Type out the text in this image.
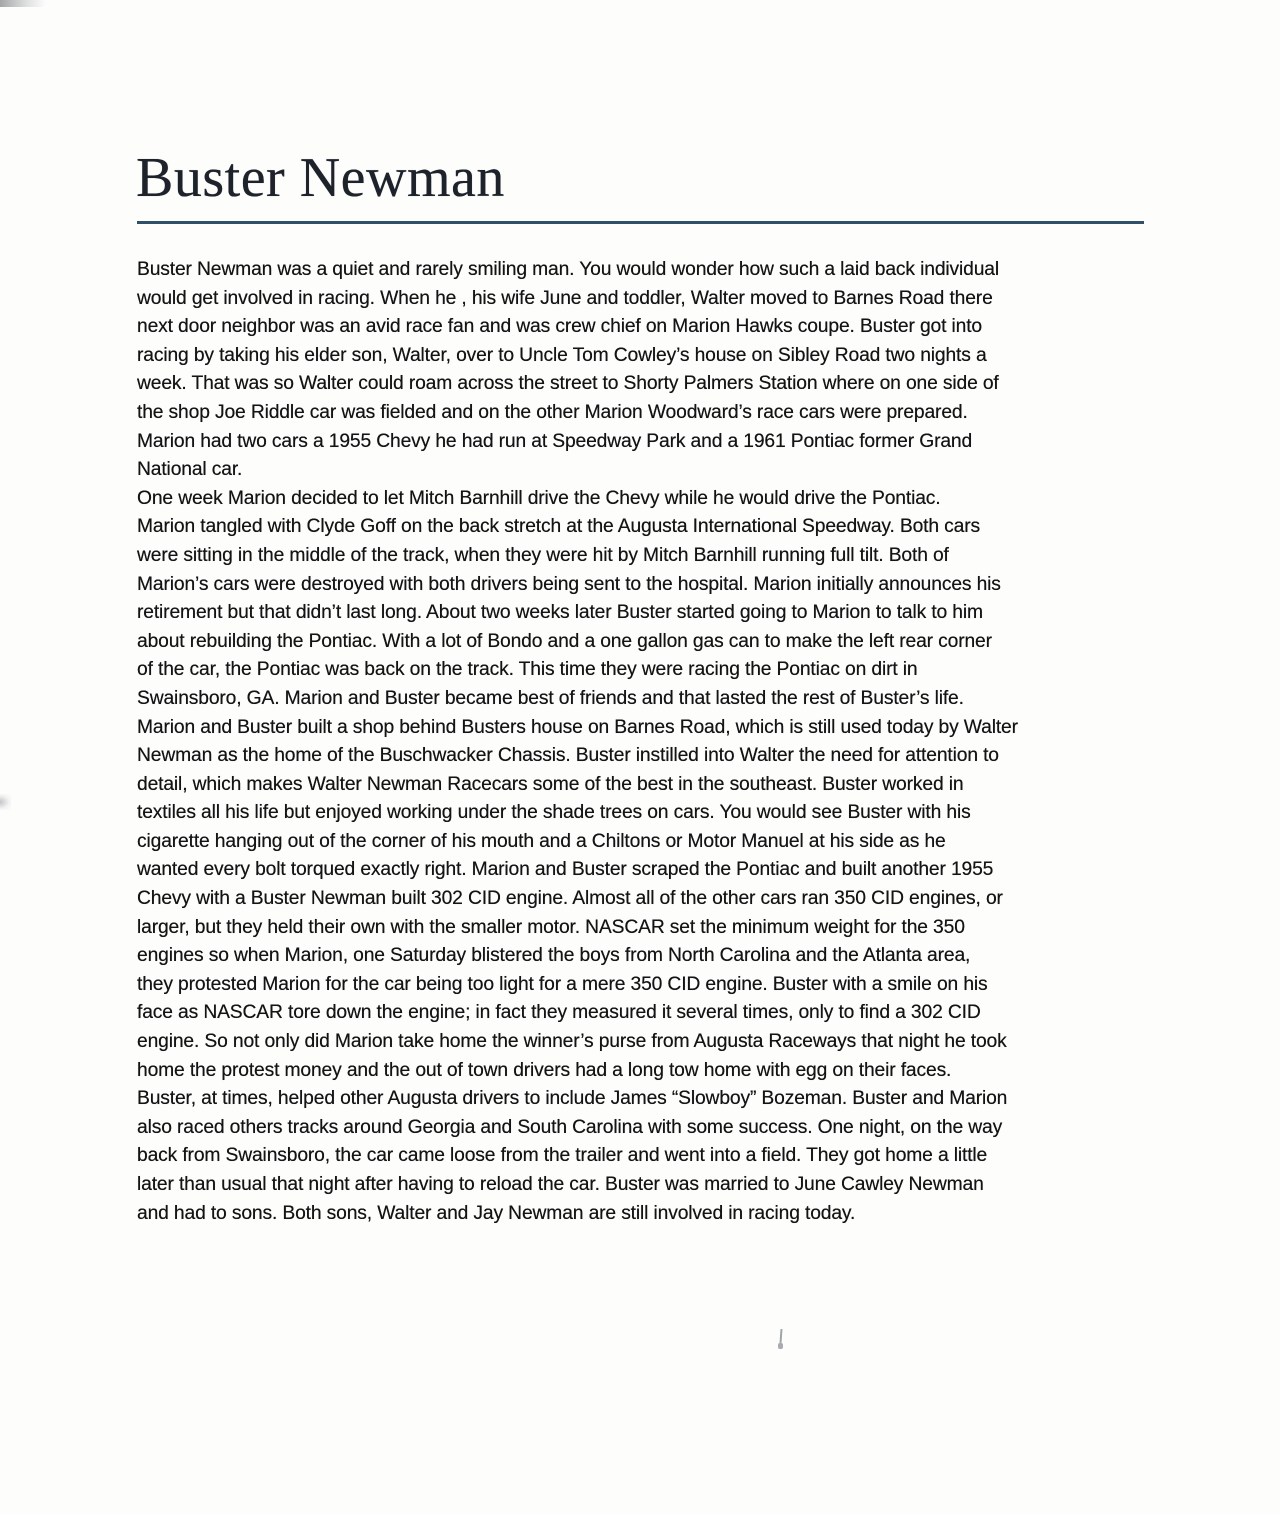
Buster Newman
Buster Newman was a quiet and rarely smiling man. You would wonder how such a laid back individual
would get involved in racing. When he , his wife June and toddler, Walter moved to Barnes Road there
next door neighbor was an avid race fan and was crew chief on Marion Hawks coupe. Buster got into
racing by taking his elder son, Walter, over to Uncle Tom Cowley’s house on Sibley Road two nights a
week. That was so Walter could roam across the street to Shorty Palmers Station where on one side of
the shop Joe Riddle car was fielded and on the other Marion Woodward’s race cars were prepared.
Marion had two cars a 1955 Chevy he had run at Speedway Park and a 1961 Pontiac former Grand
National car.
One week Marion decided to let Mitch Barnhill drive the Chevy while he would drive the Pontiac.
Marion tangled with Clyde Goff on the back stretch at the Augusta International Speedway. Both cars
were sitting in the middle of the track, when they were hit by Mitch Barnhill running full tilt. Both of
Marion’s cars were destroyed with both drivers being sent to the hospital. Marion initially announces his
retirement but that didn’t last long. About two weeks later Buster started going to Marion to talk to him
about rebuilding the Pontiac. With a lot of Bondo and a one gallon gas can to make the left rear corner
of the car, the Pontiac was back on the track. This time they were racing the Pontiac on dirt in
Swainsboro, GA. Marion and Buster became best of friends and that lasted the rest of Buster’s life.
Marion and Buster built a shop behind Busters house on Barnes Road, which is still used today by Walter
Newman as the home of the Buschwacker Chassis. Buster instilled into Walter the need for attention to
detail, which makes Walter Newman Racecars some of the best in the southeast. Buster worked in
textiles all his life but enjoyed working under the shade trees on cars. You would see Buster with his
cigarette hanging out of the corner of his mouth and a Chiltons or Motor Manuel at his side as he
wanted every bolt torqued exactly right. Marion and Buster scraped the Pontiac and built another 1955
Chevy with a Buster Newman built 302 CID engine. Almost all of the other cars ran 350 CID engines, or
larger, but they held their own with the smaller motor. NASCAR set the minimum weight for the 350
engines so when Marion, one Saturday blistered the boys from North Carolina and the Atlanta area,
they protested Marion for the car being too light for a mere 350 CID engine. Buster with a smile on his
face as NASCAR tore down the engine; in fact they measured it several times, only to find a 302 CID
engine. So not only did Marion take home the winner’s purse from Augusta Raceways that night he took
home the protest money and the out of town drivers had a long tow home with egg on their faces.
Buster, at times, helped other Augusta drivers to include James “Slowboy” Bozeman. Buster and Marion
also raced others tracks around Georgia and South Carolina with some success. One night, on the way
back from Swainsboro, the car came loose from the trailer and went into a field. They got home a little
later than usual that night after having to reload the car. Buster was married to June Cawley Newman
and had to sons. Both sons, Walter and Jay Newman are still involved in racing today.
